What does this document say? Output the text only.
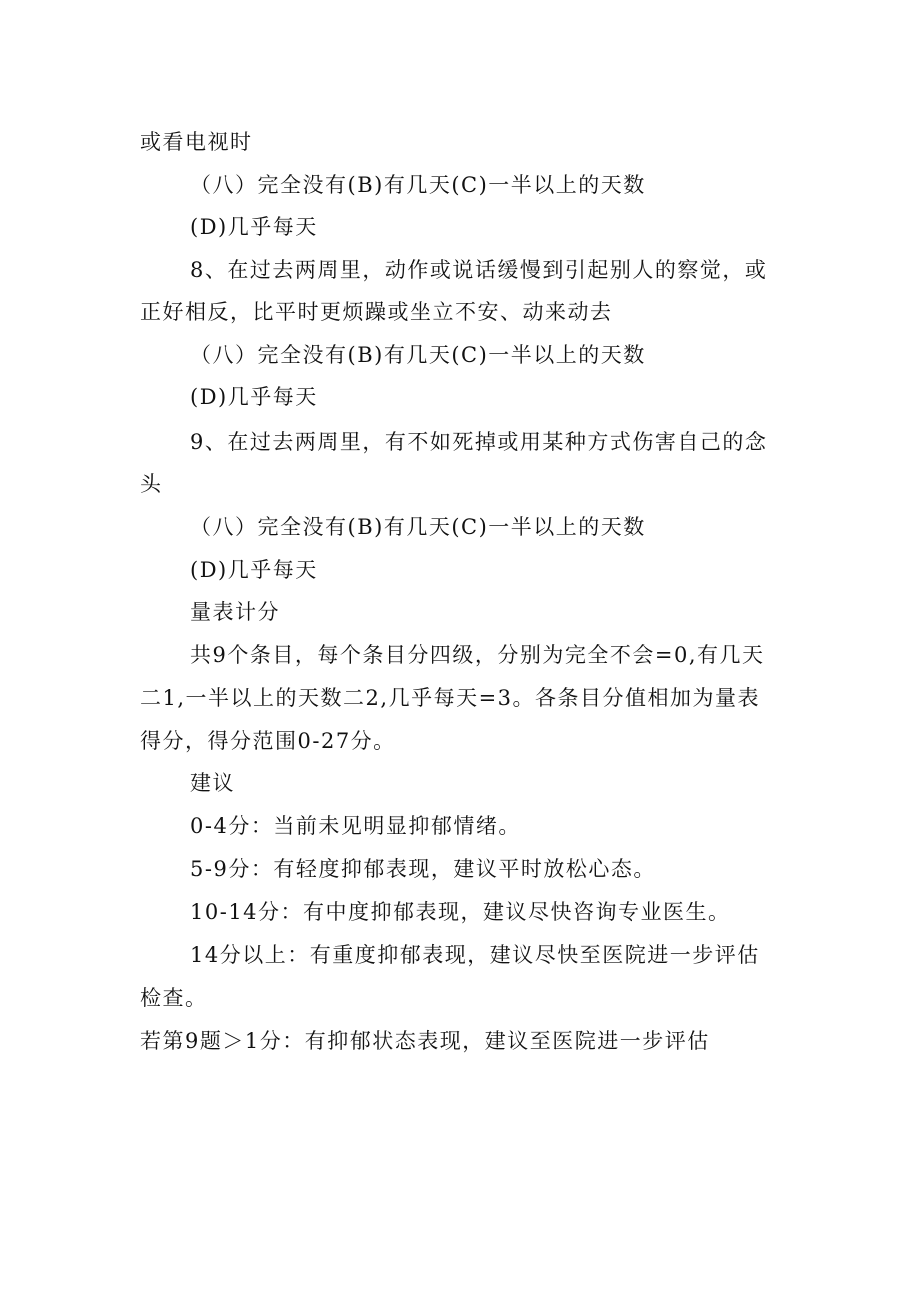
或看电视时
（八）完全没有(B)有几天(C)一半以上的天数
(D)几乎每天
8、在过去两周里，动作或说话缓慢到引起别人的察觉，或
正好相反，比平时更烦躁或坐立不安、动来动去
（八）完全没有(B)有几天(C)一半以上的天数
(D)几乎每天
9、在过去两周里，有不如死掉或用某种方式伤害自己的念
头
（八）完全没有(B)有几天(C)一半以上的天数
(D)几乎每天
量表计分
共9个条目，每个条目分四级，分别为完全不会=0,有几天
二1,一半以上的天数二2,几乎每天=3。各条目分值相加为量表
得分，得分范围0-27分。
建议
0-4分：当前未见明显抑郁情绪。
5-9分：有轻度抑郁表现，建议平时放松心态。
10-14分：有中度抑郁表现，建议尽快咨询专业医生。
14分以上：有重度抑郁表现，建议尽快至医院进一步评估
检查。
若第9题＞1分：有抑郁状态表现，建议至医院进一步评估
